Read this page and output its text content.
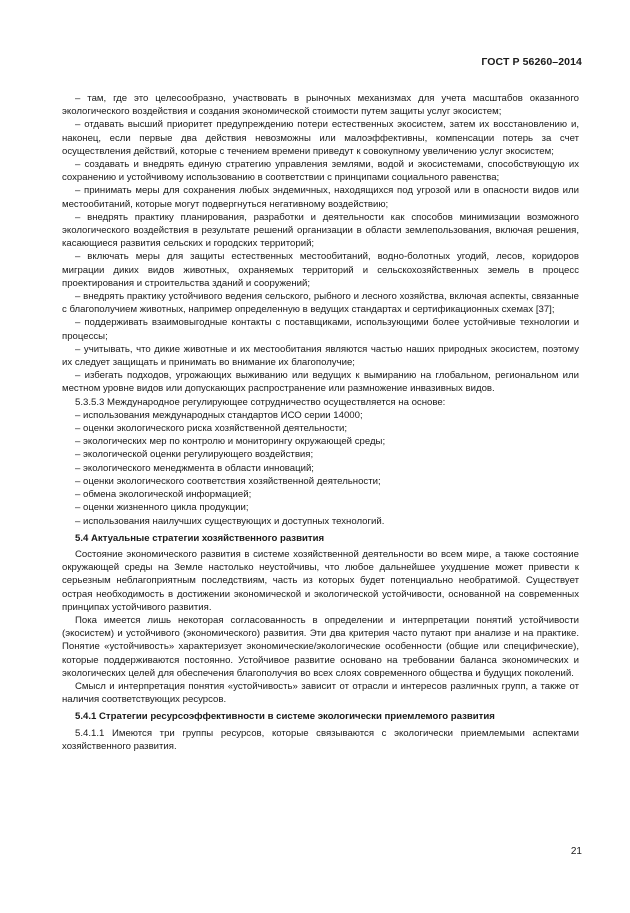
ГОСТ Р 56260–2014

– там, где это целесообразно, участвовать в рыночных механизмах для учета масштабов оказанного экологического воздействия и создания экономической стоимости путем защиты услуг экосистем;

– отдавать высший приоритет предупреждению потери естественных экосистем, затем их восстановлению и, наконец, если первые два действия невозможны или малоэффективны, компенсации потерь за счет осуществления действий, которые с течением времени приведут к совокупному увеличению услуг экосистем;

– создавать и внедрять единую стратегию управления землями, водой и экосистемами, способствующую их сохранению и устойчивому использованию в соответствии с принципами социального равенства;

– принимать меры для сохранения любых эндемичных, находящихся под угрозой или в опасности видов или местообитаний, которые могут подвергнуться негативному воздействию;

– внедрять практику планирования, разработки и деятельности как способов минимизации возможного экологического воздействия в результате решений организации в области землепользования, включая решения, касающиеся развития сельских и городских территорий;

– включать меры для защиты естественных местообитаний, водно-болотных угодий, лесов, коридоров миграции диких видов животных, охраняемых территорий и сельскохозяйственных земель в процесс проектирования и строительства зданий и сооружений;

– внедрять практику устойчивого ведения сельского, рыбного и лесного хозяйства, включая аспекты, связанные с благополучием животных, например определенную в ведущих стандартах и сертификационных схемах [37];

– поддерживать взаимовыгодные контакты с поставщиками, использующими более устойчивые технологии и процессы;

– учитывать, что дикие животные и их местообитания являются частью наших природных экосистем, поэтому их следует защищать и принимать во внимание их благополучие;

– избегать подходов, угрожающих выживанию или ведущих к вымиранию на глобальном, региональном или местном уровне видов или допускающих распространение или размножение инвазивных видов.

5.3.5.3 Международное регулирующее сотрудничество осуществляется на основе:

– использования международных стандартов ИСО серии 14000;

– оценки экологического риска хозяйственной деятельности;

– экологических мер по контролю и мониторингу окружающей среды;

– экологической оценки регулирующего воздействия;

– экологического менеджмента в области инноваций;

– оценки экологического соответствия хозяйственной деятельности;

– обмена экологической информацией;

– оценки жизненного цикла продукции;

– использования наилучших существующих и доступных технологий.

5.4 Актуальные стратегии хозяйственного развития

Состояние экономического развития в системе хозяйственной деятельности во всем мире, а также состояние окружающей среды на Земле настолько неустойчивы, что любое дальнейшее ухудшение может привести к серьезным неблагоприятным последствиям, часть из которых будет потенциально необратимой. Существует острая необходимость в достижении экономической и экологической устойчивости, основанной на современных принципах устойчивого развития.

Пока имеется лишь некоторая согласованность в определении и интерпретации понятий устойчивости (экосистем) и устойчивого (экономического) развития. Эти два критерия часто путают при анализе и на практике. Понятие «устойчивость» характеризует экономические/экологические особенности (общие или специфические), которые поддерживаются постоянно. Устойчивое развитие основано на требовании баланса экономических и экологических целей для обеспечения благополучия во всех слоях современного общества и будущих поколений.

Смысл и интерпретация понятия «устойчивость» зависит от отрасли и интересов различных групп, а также от наличия соответствующих ресурсов.

5.4.1 Стратегии ресурсоэффективности в системе экологически приемлемого развития

5.4.1.1 Имеются три группы ресурсов, которые связываются с экологически приемлемыми аспектами хозяйственного развития.

21
